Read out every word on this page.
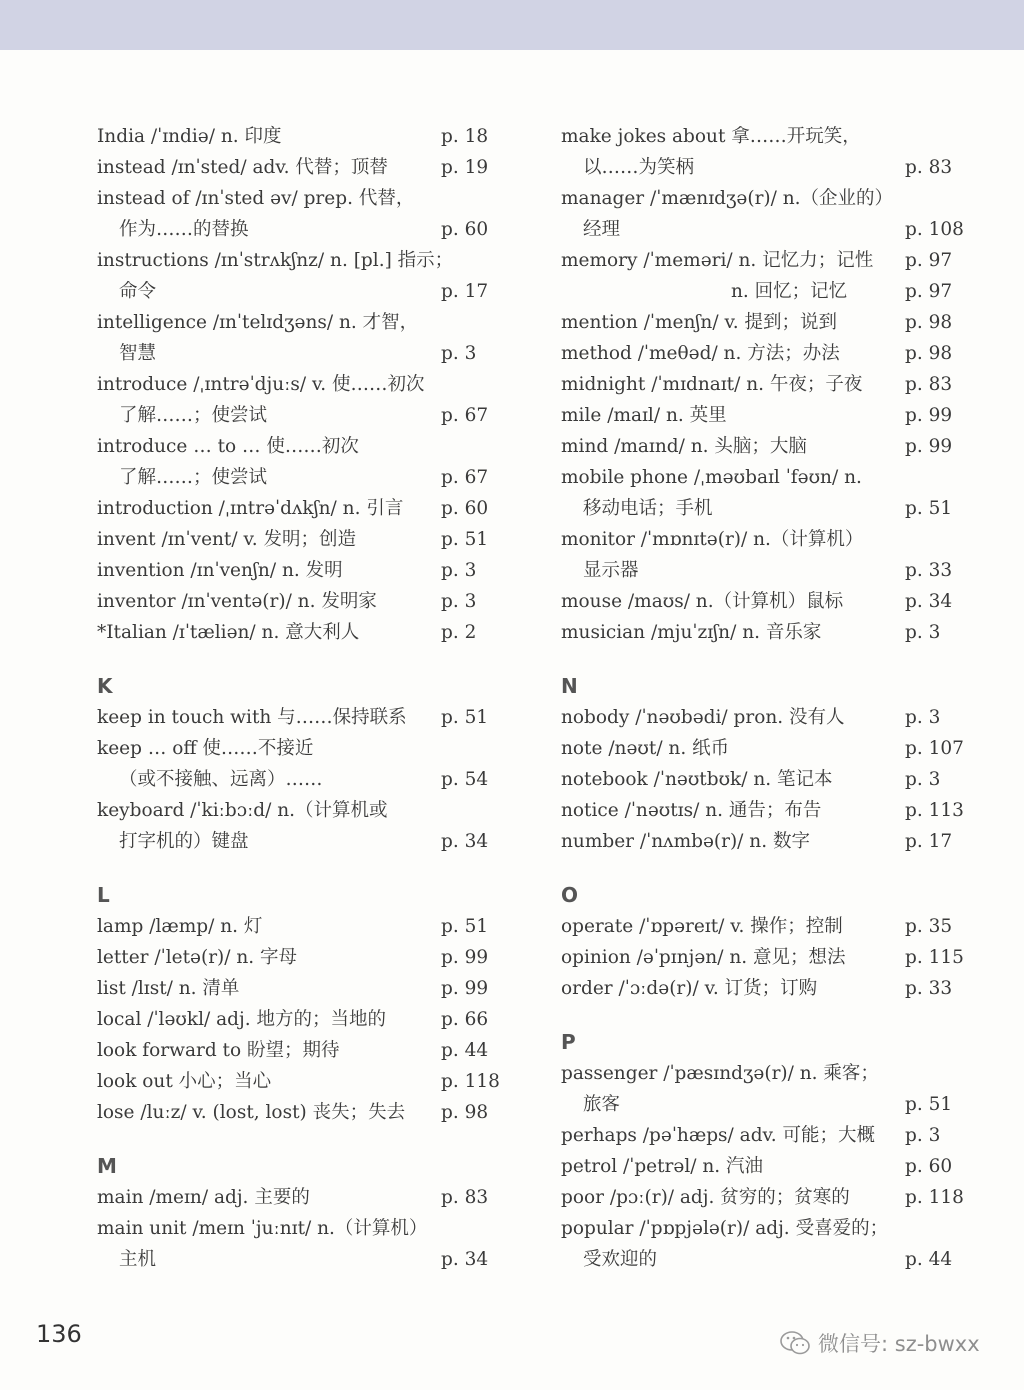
India /ˈɪndiə/ n. 印度	p. 18
instead /ɪnˈsted/ adv. 代替；顶替	p. 19
instead of /ɪnˈsted əv/ prep. 代替，
作为……的替换	p. 60
instructions /ɪnˈstrʌkʃnz/ n. [pl.] 指示；
命令	p. 17
intelligence /ɪnˈtelɪdʒəns/ n. 才智，
智慧	p. 3
introduce /ˌɪntrəˈdjuːs/ v. 使……初次
了解……；使尝试	p. 67
introduce … to … 使……初次
了解……；使尝试	p. 67
introduction /ˌɪntrəˈdʌkʃn/ n. 引言 p. 60
invent /ɪnˈvent/ v. 发明；创造	p. 51
invention /ɪnˈvenʃn/ n. 发明	p. 3
inventor /ɪnˈventə(r)/ n. 发明家	p. 3
*Italian /ɪˈtæliən/ n. 意大利人	p. 2
K
keep in touch with 与……保持联系 p. 51
keep … off 使……不接近
（或不接触、远离）……	p. 54
keyboard /ˈkiːbɔːd/ n.（计算机或
打字机的）键盘	p. 34
L
lamp /læmp/ n. 灯	p. 51
letter /ˈletə(r)/ n. 字母	p. 99
list /lɪst/ n. 清单	p. 99
local /ˈləʊkl/ adj. 地方的；当地的	p. 66
look forward to 盼望；期待	p. 44
look out 小心；当心	p. 118
lose /luːz/ v. (lost, lost) 丧失；失去 p. 98
M
main /meɪn/ adj. 主要的	p. 83
main unit /meɪn ˈjuːnɪt/ n.（计算机）
主机	p. 34
make jokes about 拿……开玩笑，
以……为笑柄	p. 83
manager /ˈmænɪdʒə(r)/ n.（企业的）
经理	p. 108
memory /ˈmeməri/ n. 记忆力；记性 p. 97
n. 回忆；记忆	p. 97
mention /ˈmenʃn/ v. 提到；说到	p. 98
method /ˈmeθəd/ n. 方法；办法	p. 98
midnight /ˈmɪdnaɪt/ n. 午夜；子夜 p. 83
mile /maɪl/ n. 英里	p. 99
mind /maɪnd/ n. 头脑；大脑	p. 99
mobile phone /ˌməʊbaɪl ˈfəʊn/ n.
移动电话；手机	p. 51
monitor /ˈmɒnɪtə(r)/ n.（计算机）
显示器	p. 33
mouse /maʊs/ n.（计算机）鼠标	p. 34
musician /mjuˈzɪʃn/ n. 音乐家	p. 3
N
nobody /ˈnəʊbədi/ pron. 没有人	p. 3
note /nəʊt/ n. 纸币	p. 107
notebook /ˈnəʊtbʊk/ n. 笔记本	p. 3
notice /ˈnəʊtɪs/ n. 通告；布告	p. 113
number /ˈnʌmbə(r)/ n. 数字	p. 17
O
operate /ˈɒpəreɪt/ v. 操作；控制	p. 35
opinion /əˈpɪnjən/ n. 意见；想法	p. 115
order /ˈɔːdə(r)/ v. 订货；订购	p. 33
P
passenger /ˈpæsɪndʒə(r)/ n. 乘客；
旅客	p. 51
perhaps /pəˈhæps/ adv. 可能；大概 p. 3
petrol /ˈpetrəl/ n. 汽油	p. 60
poor /pɔː(r)/ adj. 贫穷的；贫寒的	p. 118
popular /ˈpɒpjələ(r)/ adj. 受喜爱的；
受欢迎的	p. 44
136	微信号: sz-bwxx
